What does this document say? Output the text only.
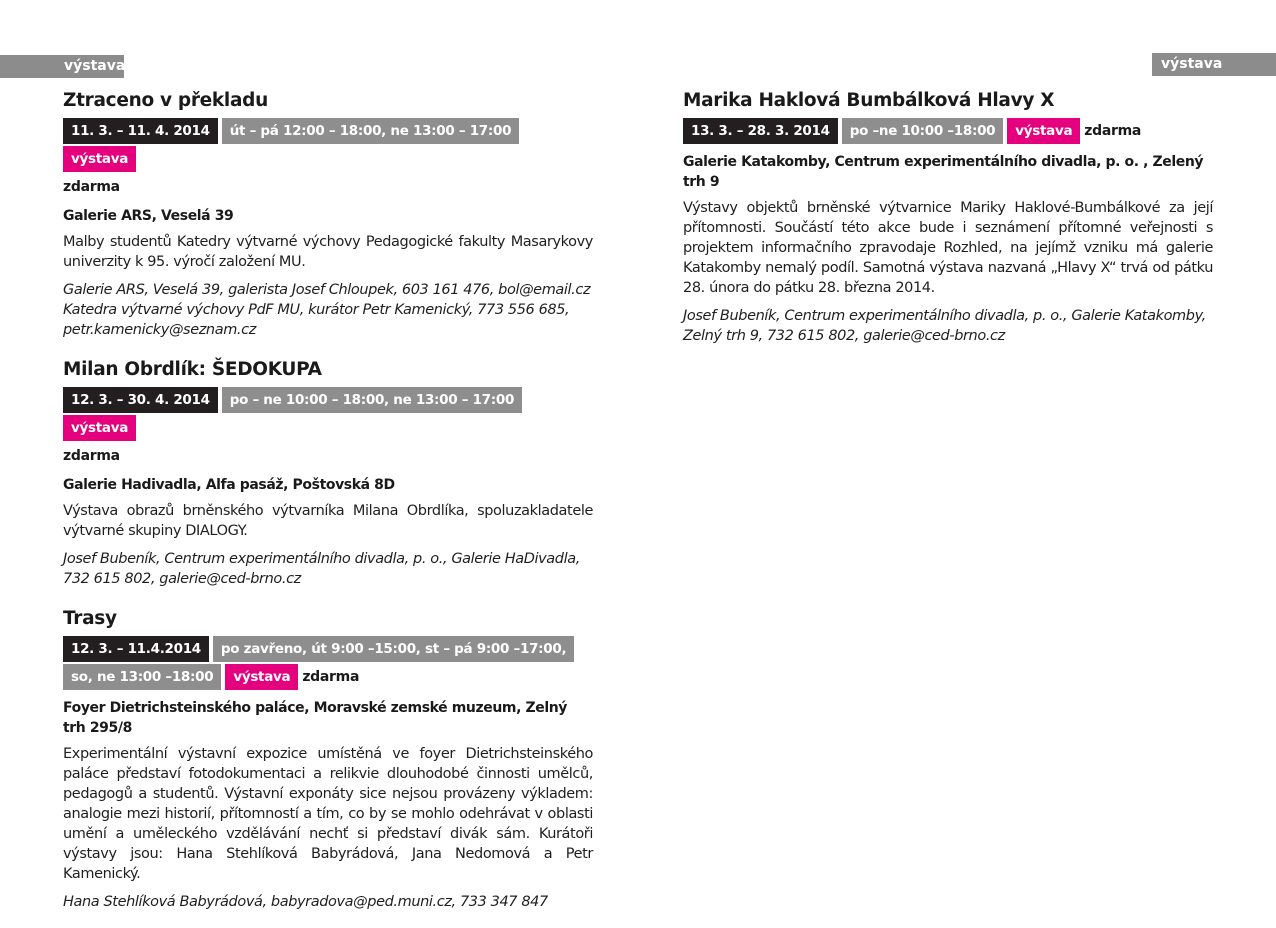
výstava	výstava
Ztraceno v překladu
11. 3. – 11. 4. 2014	út – pá 12:00 – 18:00, ne 13:00 – 17:00
výstava
zdarma
Galerie ARS, Veselá 39
Malby studentů Katedry výtvarné výchovy Pedagogické fakulty Masarykovy univerzity k 95. výročí založení MU.
Galerie ARS, Veselá 39, galerista Josef Chloupek, 603 161 476, bol@email.cz
Katedra výtvarné výchovy PdF MU, kurátor Petr Kamenický, 773 556 685,
petr.kamenicky@seznam.cz
Milan Obrdlík: ŠEDOKUPA
12. 3. – 30. 4. 2014	po – ne 10:00 – 18:00, ne 13:00 – 17:00
výstava
zdarma
Galerie Hadivadla, Alfa pasáž, Poštovská 8D
Výstava obrazů brněnského výtvarníka Milana Obrdlíka, spoluzakladatele výtvarné skupiny DIALOGY.
Josef Bubeník, Centrum experimentálního divadla, p. o., Galerie HaDivadla,
732 615 802, galerie@ced-brno.cz
Trasy
12. 3. – 11.4.2014	po zavřeno, út 9:00 –15:00, st – pá 9:00 –17:00,
so, ne 13:00 –18:00	výstava zdarma
Foyer Dietrichsteinského paláce, Moravské zemské muzeum, Zelný trh 295/8
Experimentální výstavní expozice umístěná ve foyer Dietrichsteinského paláce představí fotodokumentaci a relikvie dlouhodobé činnosti umělců, pedagogů a studentů. Výstavní exponáty sice nejsou provázeny výkladem: analogie mezi historií, přítomností a tím, co by se mohlo odehrávat v oblasti umění a uměleckého vzdělávání nechť si představí divák sám. Kurátoři výstavy jsou: Hana Stehlíková Babyrádová, Jana Nedomová a Petr Kamenický.
Hana Stehlíková Babyrádová, babyradova@ped.muni.cz, 733 347 847
Marika Haklová Bumbálková Hlavy X
13. 3. – 28. 3. 2014	po –ne 10:00 –18:00	výstava zdarma
Galerie Katakomby, Centrum experimentálního divadla, p. o. , Zelený trh 9
Výstavy objektů brněnské výtvarnice Mariky Haklové-Bumbálkové za její přítomnosti. Součástí této akce bude i seznámení přítomné veřejnosti s projektem informačního zpravodaje Rozhled, na jejímž vzniku má galerie Katakomby nemalý podíl. Samotná výstava nazvaná „Hlavy X“ trvá od pátku 28. února do pátku 28. března 2014.
Josef Bubeník, Centrum experimentálního divadla, p. o., Galerie Katakomby,
Zelný trh 9, 732 615 802, galerie@ced-brno.cz
